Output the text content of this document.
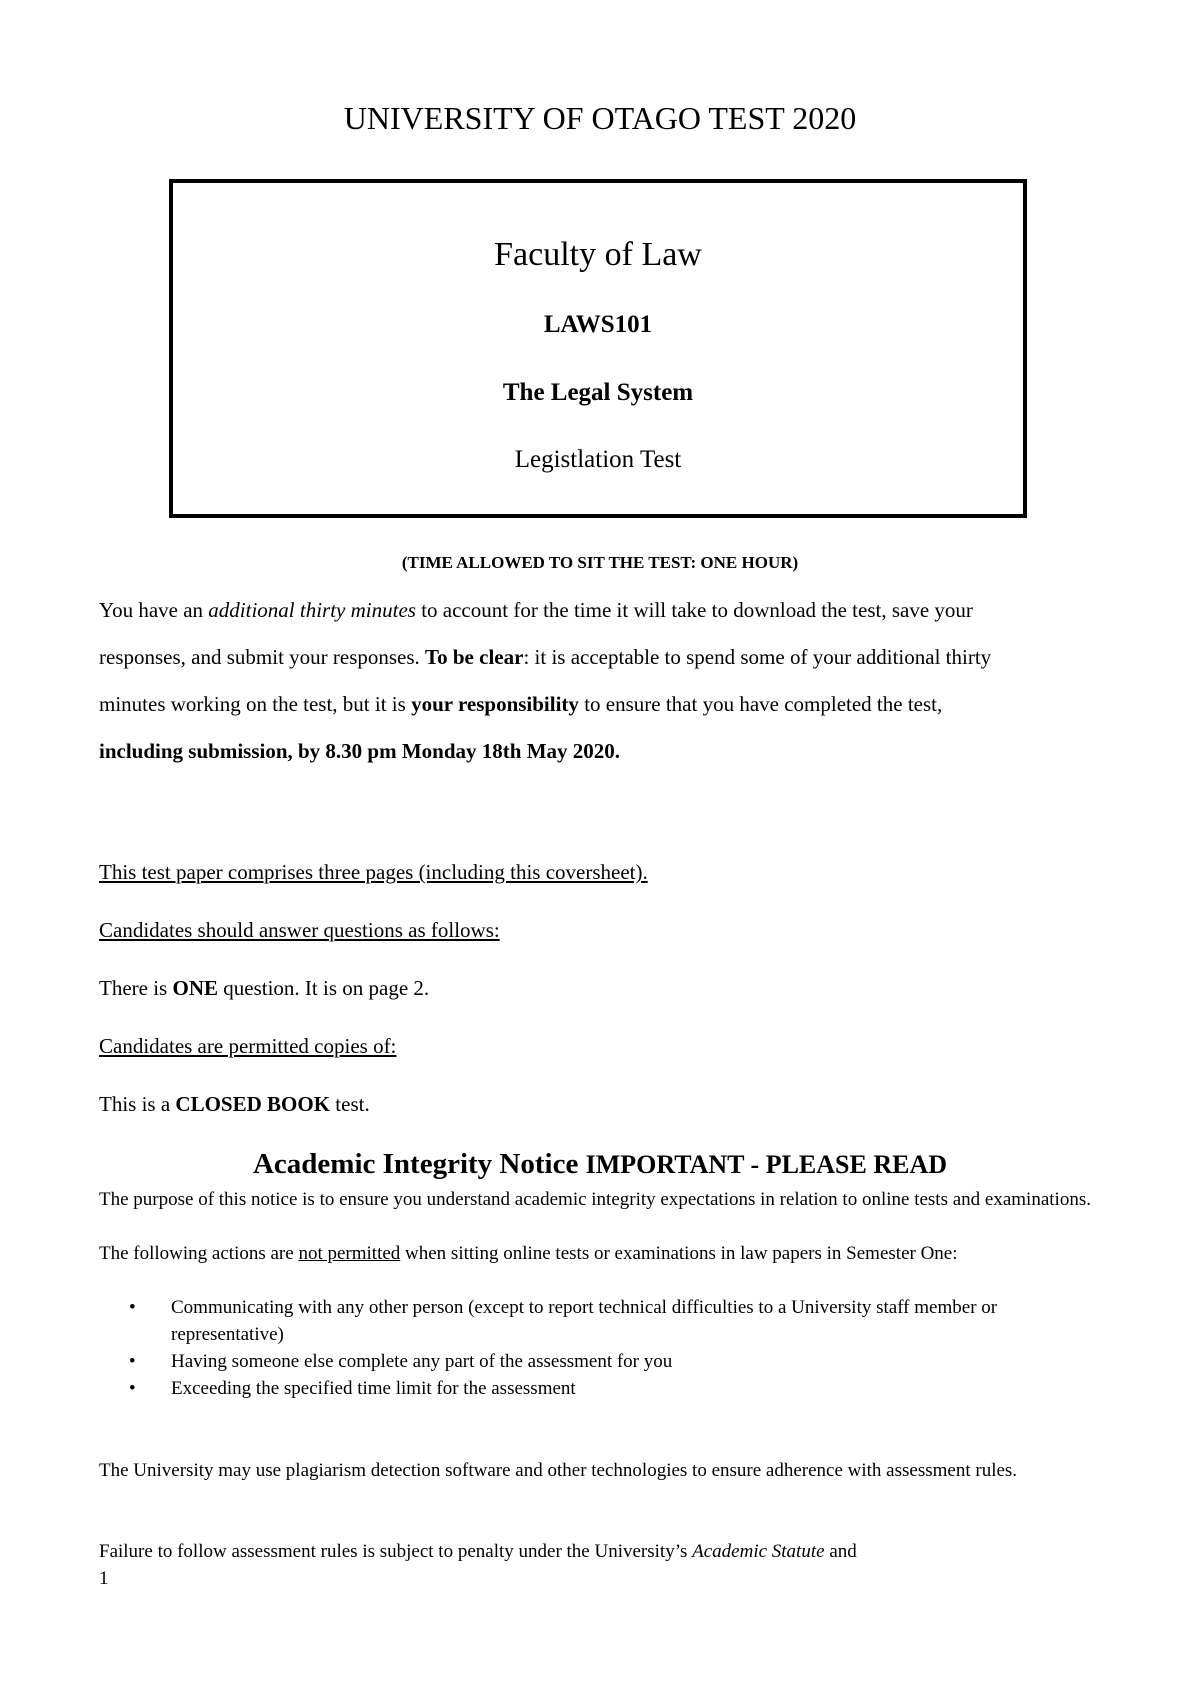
UNIVERSITY OF OTAGO TEST 2020
Faculty of Law
LAWS101
The Legal System
Legistlation Test
(TIME ALLOWED TO SIT THE TEST: ONE HOUR)

You have an additional thirty minutes to account for the time it will take to download the test, save your responses, and submit your responses. To be clear: it is acceptable to spend some of your additional thirty minutes working on the test, but it is your responsibility to ensure that you have completed the test, including submission, by 8.30 pm Monday 18th May 2020.

This test paper comprises three pages (including this coversheet).

Candidates should answer questions as follows:

There is ONE question. It is on page 2.

Candidates are permitted copies of:

This is a CLOSED BOOK test.

Academic Integrity Notice IMPORTANT - PLEASE READ

The purpose of this notice is to ensure you understand academic integrity expectations in relation to online tests and examinations.

The following actions are not permitted when sitting online tests or examinations in law papers in Semester One:

• Communicating with any other person (except to report technical difficulties to a University staff member or representative)
• Having someone else complete any part of the assessment for you
• Exceeding the specified time limit for the assessment

The University may use plagiarism detection software and other technologies to ensure adherence with assessment rules.

Failure to follow assessment rules is subject to penalty under the University’s Academic Statute and

1
